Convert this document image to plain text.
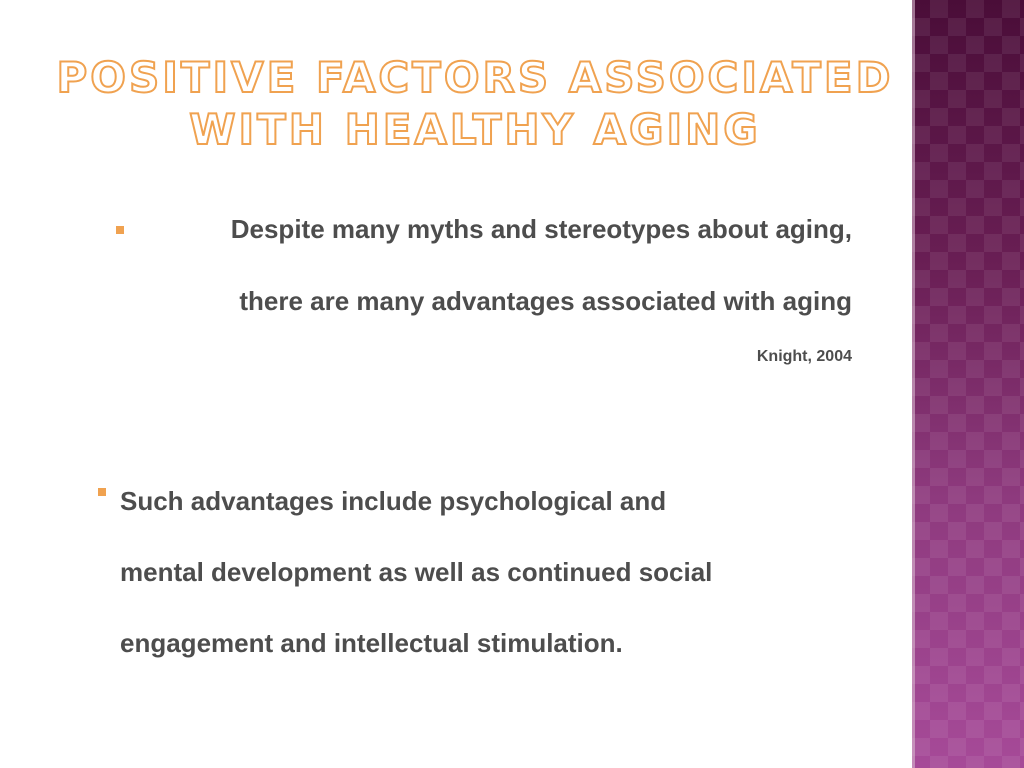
POSITIVE FACTORS ASSOCIATED
WITH HEALTHY AGING
Despite many myths and stereotypes about aging,
there are many advantages associated with aging
Knight, 2004
Such advantages include psychological and
mental development as well as continued social
engagement and intellectual stimulation.
